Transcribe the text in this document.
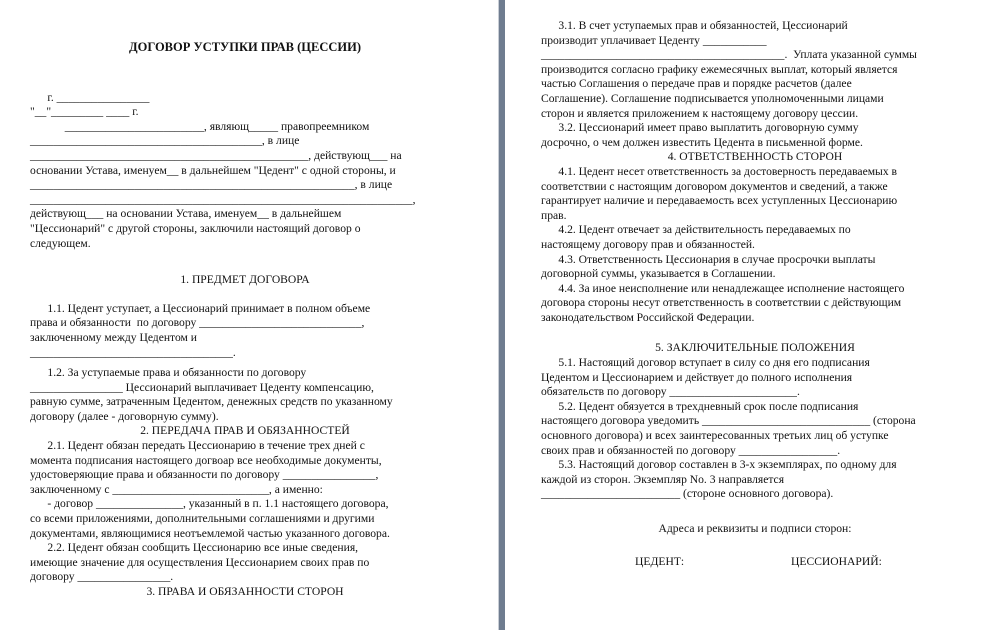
ДОГОВОР УСТУПКИ ПРАВ (ЦЕССИИ)

г. ________________
"__"_________ ____ г.
________________________, являющ_____ правопреемником
________________________________________, в лице
________________________________________________, действующ___ на
основании Устава, именуем__ в дальнейшем "Цедент" с одной стороны, и
________________________________________________________, в лице
__________________________________________________________________,
действующ___ на основании Устава, именуем__ в дальнейшем
"Цессионарий" с другой стороны, заключили настоящий договор о
следующем.
1. ПРЕДМЕТ ДОГОВОРА
1.1. Цедент уступает, а Цессионарий принимает в полном объеме
права и обязанности  по договору ____________________________,
заключенному между Цедентом и
___________________________________.
1.2. За уступаемые права и обязанности по договору
________________ Цессионарий выплачивает Цеденту компенсацию,
равную сумме, затраченным Цедентом, денежных средств по указанному
договору (далее - договорную сумму).
2. ПЕРЕДАЧА ПРАВ И ОБЯЗАННОСТЕЙ
2.1. Цедент обязан передать Цессионарию в течение трех дней с
момента подписания настоящего догвоар все необходимые документы,
удостоверяющие права и обязанности по договору ________________,
заключенному с ___________________________, а именно:
- договор _______________, указанный в п. 1.1 настоящего договора,
со всеми приложениями, дополнительными соглашениями и другими
документами, являющимися неотъемлемой частью указанного договора.
2.2. Цедент обязан сообщить Цессионарию все иные сведения,
имеющие значение для осуществления Цессионарием своих прав по
договору ________________.
3. ПРАВА И ОБЯЗАННОСТИ СТОРОН
3.1. В счет уступаемых прав и обязанностей, Цессионарий
производит уплачивает Цеденту ___________
__________________________________________.  Уплата указанной суммы
производится согласно графику ежемесячных выплат, который является
частью Соглашения о передаче прав и порядке расчетов (далее
Соглашение). Соглашение подписывается уполномоченными лицами
сторон и является приложением к настоящему договору цессии.
3.2. Цессионарий имеет право выплатить договорную сумму
досрочно, о чем должен известить Цедента в письменной форме.
4. ОТВЕТСТВЕННОСТЬ СТОРОН
4.1. Цедент несет ответственность за достоверность передаваемых в
соответствии с настоящим договором документов и сведений, а также
гарантирует наличие и передаваемость всех уступленных Цессионарию
прав.
4.2. Цедент отвечает за действительность передаваемых по
настоящему договору прав и обязанностей.
4.3. Ответственность Цессионария в случае просрочки выплаты
договорной суммы, указывается в Соглашении.
4.4. За иное неисполнение или ненадлежащее исполнение настоящего
договора стороны несут ответственность в соответствии с действующим
законодательством Российской Федерации.
5. ЗАКЛЮЧИТЕЛЬНЫЕ ПОЛОЖЕНИЯ
5.1. Настоящий договор вступает в силу со дня его подписания
Цедентом и Цессионарием и действует до полного исполнения
обязательств по договору ______________________.
5.2. Цедент обязуется в трехдневный срок после подписания
настоящего договора уведомить _____________________________ (сторона
основного договора) и всех заинтересованных третьих лиц об уступке
своих прав и обязанностей по договору _________________.
5.3. Настоящий договор составлен в 3-х экземплярах, по одному для
каждой из сторон. Экземпляр No. 3 направляется
________________________ (стороне основного договора).
Адреса и реквизиты и подписи сторон:
ЦЕДЕНТ:	ЦЕССИОНАРИЙ:
